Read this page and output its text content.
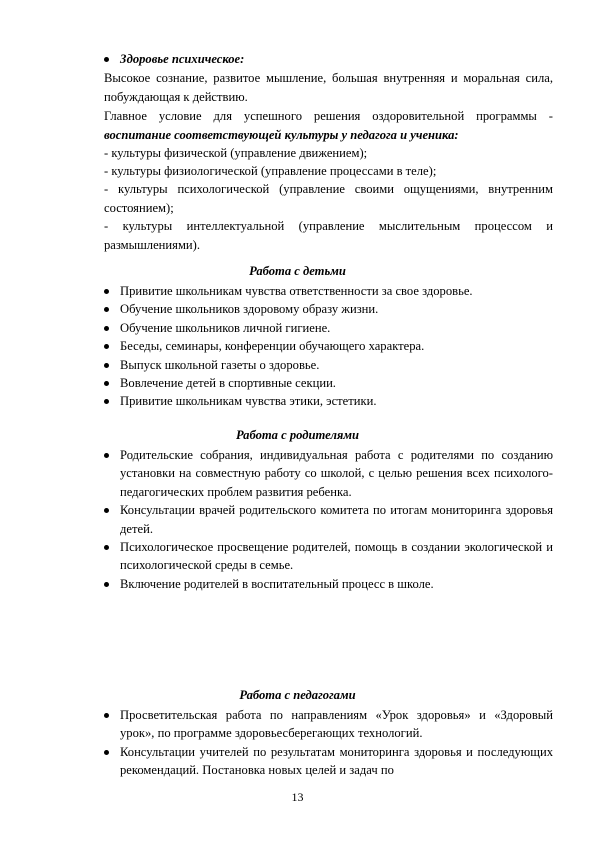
Здоровье психическое:
Высокое сознание, развитое мышление, большая внутренняя и моральная сила, побуждающая к действию.
Главное условие для успешного решения оздоровительной программы - воспитание соответствующей культуры у педагога и ученика:
- культуры физической (управление движением);
- культуры физиологической (управление процессами в теле);
- культуры психологической (управление своими ощущениями, внутренним состоянием);
- культуры интеллектуальной (управление мыслительным процессом и размышлениями).
Работа с детьми
Привитие школьникам чувства ответственности за свое здоровье.
Обучение школьников здоровому образу жизни.
Обучение школьников личной гигиене.
Беседы, семинары, конференции обучающего характера.
Выпуск школьной газеты о здоровье.
Вовлечение детей в спортивные секции.
Привитие школьникам чувства этики, эстетики.
Работа с родителями
Родительские собрания, индивидуальная работа с родителями по созданию установки на совместную работу со школой, с целью решения всех психолого-педагогических проблем развития ребенка.
Консультации врачей родительского комитета по итогам мониторинга здоровья детей.
Психологическое просвещение родителей, помощь в создании экологической и психологической среды в семье.
Включение родителей в воспитательный процесс в школе.
Работа с педагогами
Просветительская работа по направлениям «Урок здоровья» и «Здоровый урок», по программе здоровьесберегающих технологий.
Консультации учителей по результатам мониторинга здоровья и последующих рекомендаций. Постановка новых целей и задач по
13
